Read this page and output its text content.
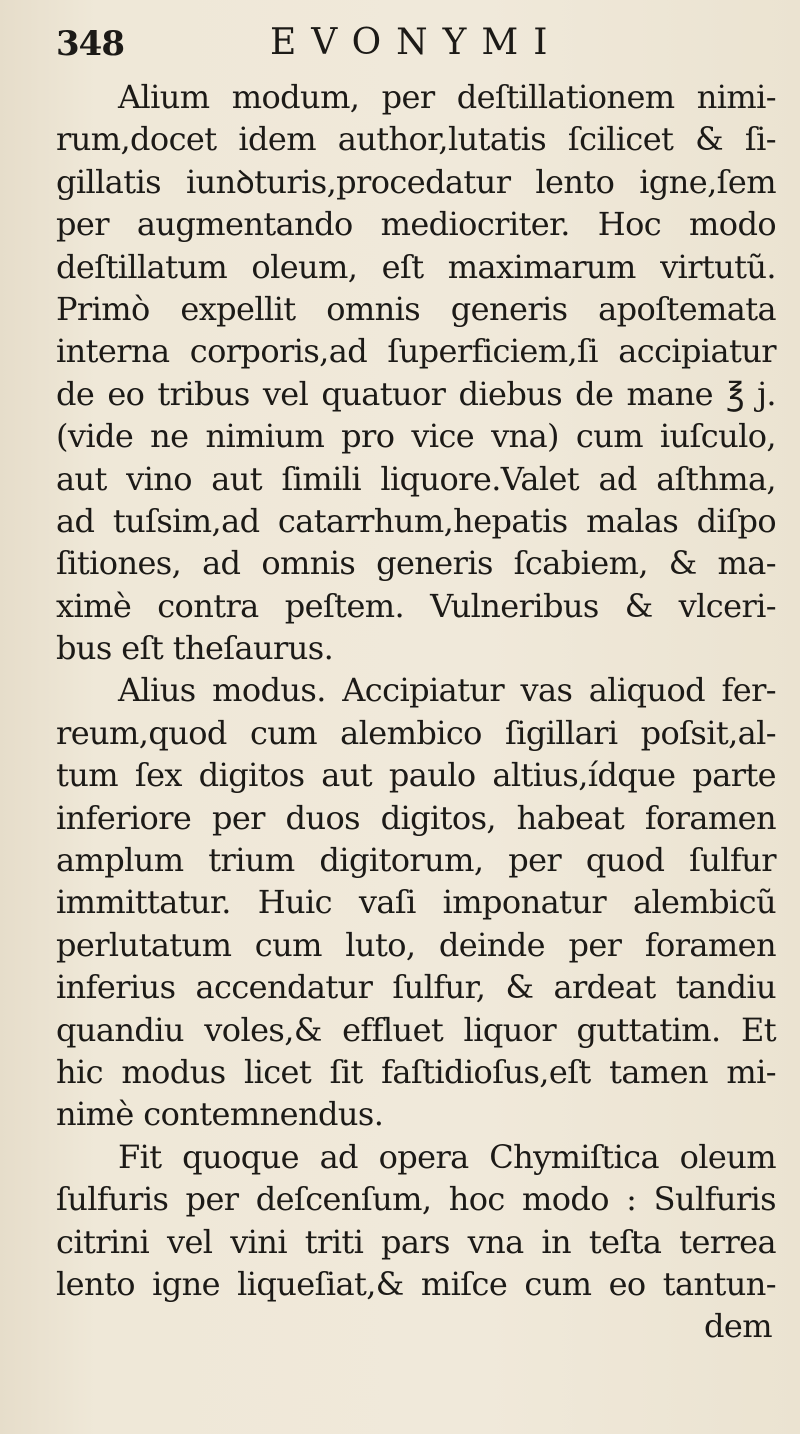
348	EVONYMI
Alium modum, per deſtillationem nimi-
rum,docet idem author,lutatis ſcilicet & ſi-
gillatis iunꝺturis,procedatur lento igne,ſem
per augmentando mediocriter. Hoc modo
deſtillatum oleum, eſt maximarum virtutũ.
Primò expellit omnis generis apoſtemata
interna corporis,ad ſuperficiem,ſi accipiatur
de eo tribus vel quatuor diebus de mane ℥ j.
(vide ne nimium pro vice vna) cum iuſculo,
aut vino aut ſimili liquore.Valet ad aſthma,
ad tuſsim,ad catarrhum,hepatis malas diſpo
ſitiones, ad omnis generis ſcabiem, & ma-
ximè contra peſtem. Vulneribus & vlceri-
bus eſt theſaurus.
Alius modus. Accipiatur vas aliquod fer-
reum,quod cum alembico ſigillari poſsit,al-
tum ſex digitos aut paulo altius,ídque parte
inferiore per duos digitos, habeat foramen
amplum trium digitorum, per quod ſulfur
immittatur. Huic vaſi imponatur alembicũ
perlutatum cum luto, deinde per foramen
inferius accendatur ſulfur, & ardeat tandiu
quandiu voles,& effluet liquor guttatim. Et
hic modus licet ſit faſtidioſus,eſt tamen mi-
nimè contemnendus.
Fit quoque ad opera Chymiſtica oleum
ſulfuris per deſcenſum, hoc modo : Sulfuris
citrini vel vini triti pars vna in teſta terrea
lento igne liqueſiat,& miſce cum eo tantun-
dem
